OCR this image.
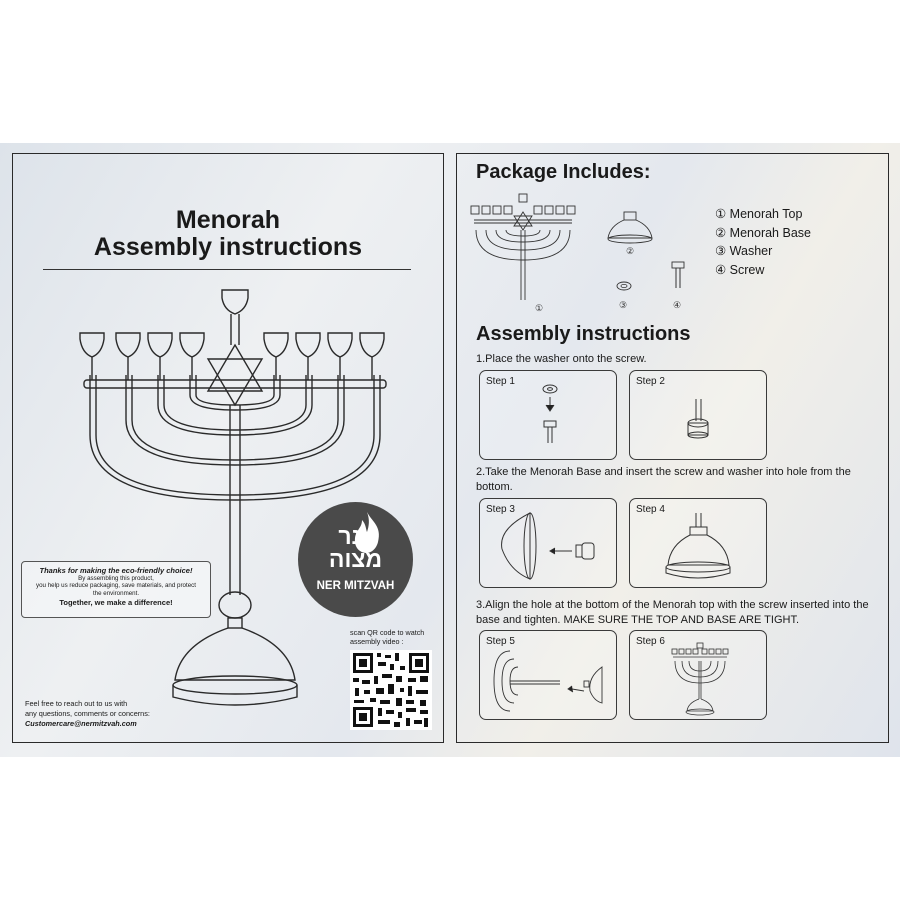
Menorah
Assembly instructions
Thanks for making the eco-friendly choice!
By assembling this product,
you help us reduce packaging, save materials, and protect
the environment.
Together, we make a difference!
נר
מצוה
NER MITZVAH
scan QR code to watch
assembly video :
Feel free to reach out to us with
any questions, comments or concerns:
Customercare@nermitzvah.com
Package Includes:
①
②
③	④
① Menorah Top
② Menorah Base
③ Washer
④ Screw
Assembly instructions
1.Place the washer onto the screw.
Step 1	Step 2
2.Take the Menorah Base and insert the screw and washer into hole from the bottom.
Step 3	Step 4
3.Align the hole at the bottom of the Menorah top with the screw inserted into the base and tighten. MAKE SURE THE TOP AND BASE ARE TIGHT.
Step 5	Step 6
